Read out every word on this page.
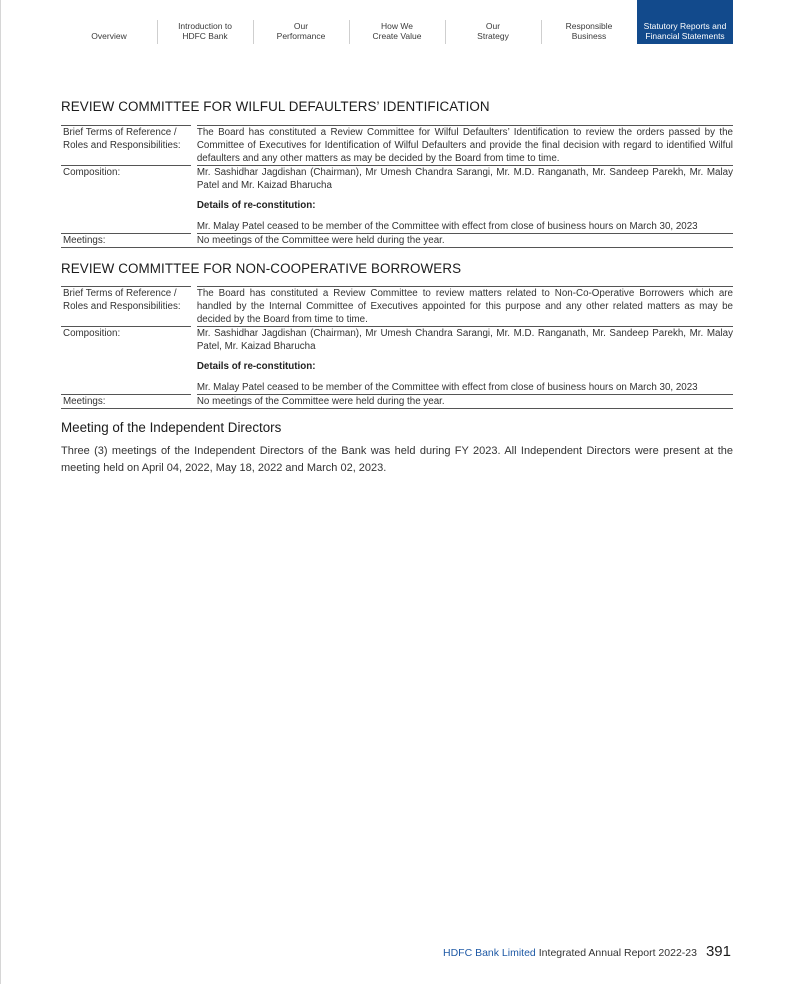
Overview
Introduction to
HDFC Bank
Our
Performance
How We
Create Value
Our
Strategy
Responsible
Business
Statutory Reports and
Financial Statements
REVIEW COMMITTEE FOR WILFUL DEFAULTERS’ IDENTIFICATION
Brief Terms of Reference / Roles and Responsibilities:
The Board has constituted a Review Committee for Wilful Defaulters’ Identification to review the orders passed by the Committee of Executives for Identification of Wilful Defaulters and provide the final decision with regard to identified Wilful defaulters and any other matters as may be decided by the Board from time to time.
Composition:	Mr. Sashidhar Jagdishan (Chairman), Mr Umesh Chandra Sarangi, Mr. M.D. Ranganath, Mr. Sandeep Parekh, Mr. Malay Patel and Mr. Kaizad Bharucha
Details of re-constitution:
Mr. Malay Patel ceased to be member of the Committee with effect from close of business hours on March 30, 2023
Meetings:	No meetings of the Committee were held during the year.
REVIEW COMMITTEE FOR NON-COOPERATIVE BORROWERS
Brief Terms of Reference / Roles and Responsibilities:
The Board has constituted a Review Committee to review matters related to Non-Co-Operative Borrowers which are handled by the Internal Committee of Executives appointed for this purpose and any other related matters as may be decided by the Board from time to time.
Composition:	Mr. Sashidhar Jagdishan (Chairman), Mr Umesh Chandra Sarangi, Mr. M.D. Ranganath, Mr. Sandeep Parekh, Mr. Malay Patel, Mr. Kaizad Bharucha
Details of re-constitution:
Mr. Malay Patel ceased to be member of the Committee with effect from close of business hours on March 30, 2023
Meetings:	No meetings of the Committee were held during the year.
Meeting of the Independent Directors

Three (3) meetings of the Independent Directors of the Bank was held during FY 2023. All Independent Directors were present at the meeting held on April 04, 2022, May 18, 2022 and March 02, 2023.

HDFC Bank Limited Integrated Annual Report 2022-23 391
